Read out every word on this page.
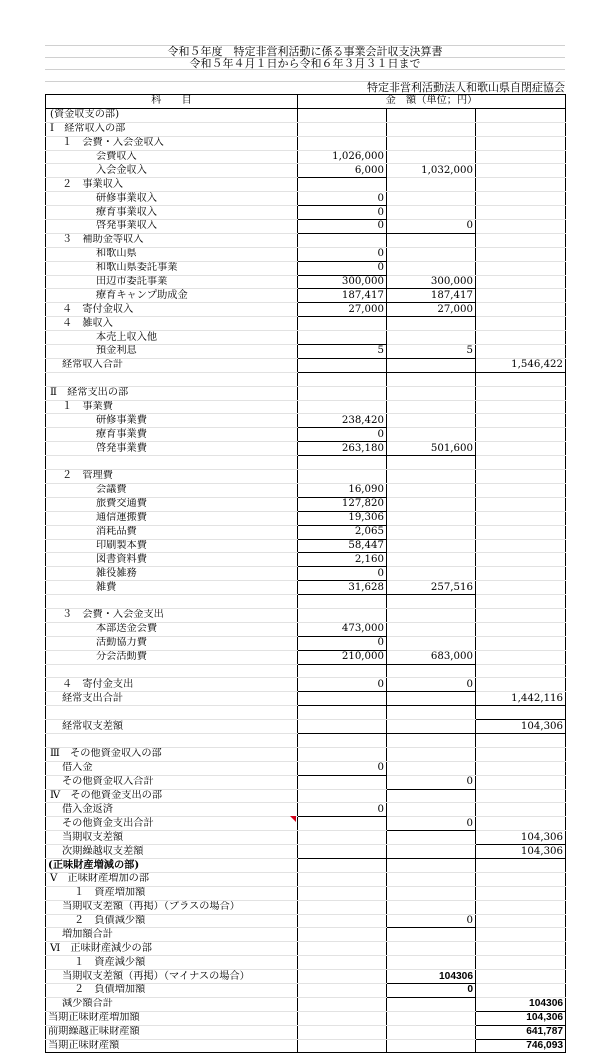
令和５年度　特定非営利活動に係る事業会計収支決算書
令和５年４月１日から令和６年３月３１日まで
特定非営利活動法人和歌山県自閉症協会
科　　目	金　額（単位；円）		
(資金収支の部)			
Ⅰ　経常収入の部			
１　会費・入会金収入			
会費収入	1,026,000		
入会金収入	6,000	1,032,000	
２　事業収入			
研修事業収入	0		
療育事業収入	0		
啓発事業収入	0	0	
３　補助金等収入			
和歌山県	0		
和歌山県委託事業	0		
田辺市委託事業	300,000	300,000	
療育キャンプ助成金	187,417	187,417	
４　寄付金収入	27,000	27,000	
４　雑収入			
本売上収入他			
預金利息	5	5	
経常収入合計			1,546,422

Ⅱ　経常支出の部			
１　事業費			
研修事業費	238,420		
療育事業費	0		
啓発事業費	263,180	501,600	

２　管理費			
会議費	16,090		
旅費交通費	127,820		
通信運搬費	19,306		
消耗品費	2,065		
印刷製本費	58,447		
図書資料費	2,160		
雑役雑務	0		
雑費	31,628	257,516	

３　会費・入会金支出			
本部送金会費	473,000		
活動協力費	0		
分会活動費	210,000	683,000	

４　寄付金支出	0	0	
経常支出合計			1,442,116

経常収支差額			104,306

Ⅲ　その他資金収入の部			
借入金	0		
その他資金収入合計		0	
Ⅳ　その他資金支出の部			
借入金返済	0		
その他資金支出合計		0	
当期収支差額			104,306
次期繰越収支差額			104,306
(正味財産増減の部)			
Ⅴ　正味財産増加の部			
１　資産増加額			
当期収支差額（再掲）（プラスの場合）			
２　負債減少額		0	
増加額合計			
Ⅵ　正味財産減少の部			
１　資産減少額			
当期収支差額（再掲）（マイナスの場合）		104306	
２　負債増加額		0	
減少額合計			104306
当期正味財産増加額			104,306
前期繰越正味財産額			641,787
当期正味財産額			746,093
